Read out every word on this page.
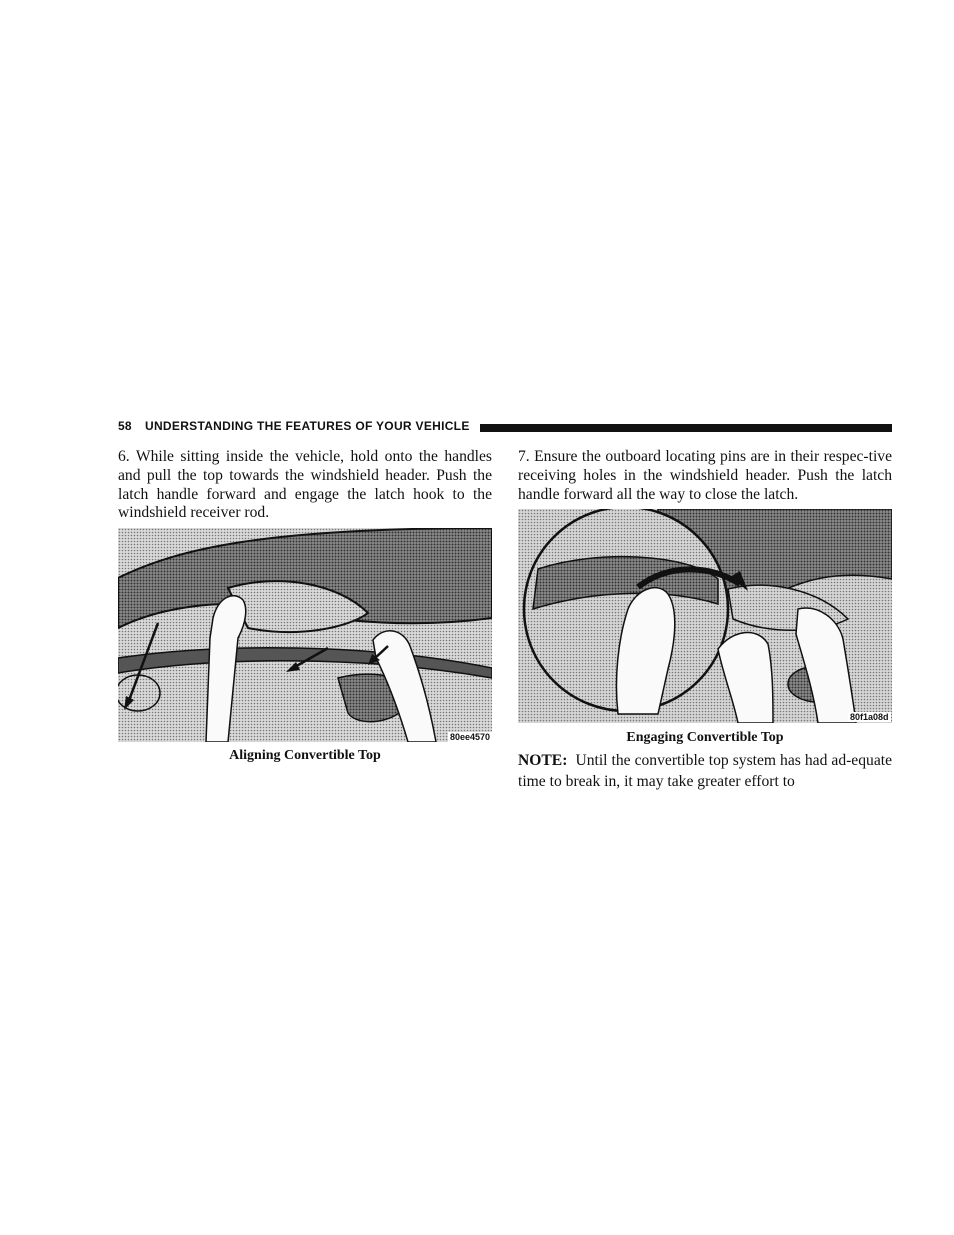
58 UNDERSTANDING THE FEATURES OF YOUR VEHICLE

6. While sitting inside the vehicle, hold onto the handles and pull the top towards the windshield header. Push the latch handle forward and engage the latch hook to the windshield receiver rod.

80ee4570
Aligning Convertible Top

7. Ensure the outboard locating pins are in their respec-tive receiving holes in the windshield header. Push the latch handle forward all the way to close the latch.

80f1a08d
Engaging Convertible Top
NOTE: Until the convertible top system has had ad-equate time to break in, it may take greater effort to
